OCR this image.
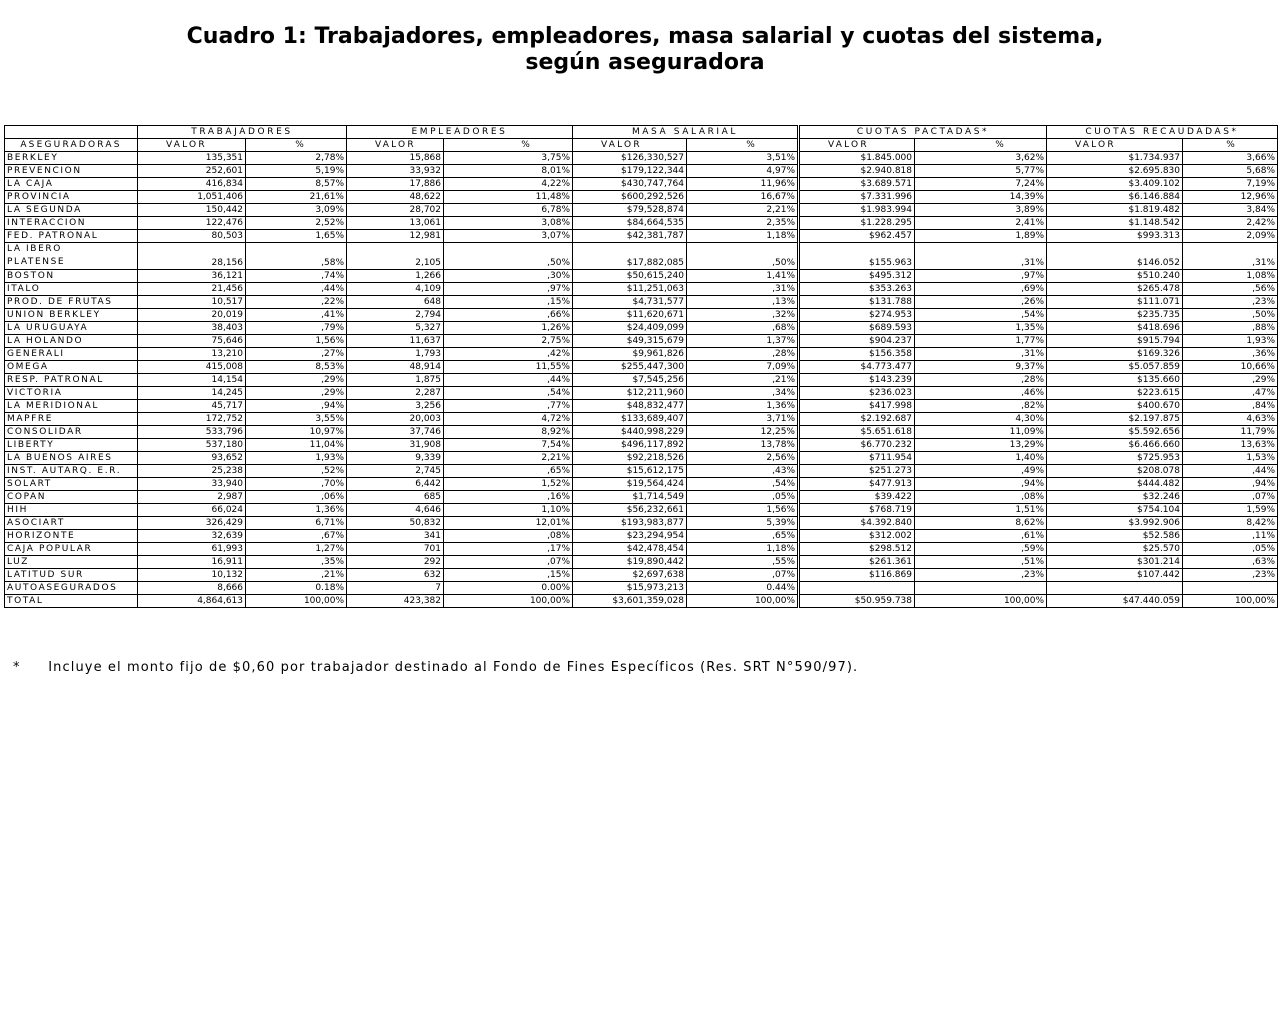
Cuadro 1: Trabajadores, empleadores, masa salarial y cuotas del sistema,
según aseguradora
	TRABAJADORES		EMPLEADORES		MASA SALARIAL			CUOTAS PACTADAS*		CUOTAS RECAUDADAS*	
ASEGURADORAS	VALOR	%	VALOR	%	VALOR	%		VALOR	%	VALOR	%
BERKLEY	135,351	2,78%	15,868	3,75%	$126,330,527	3,51%		$1.845.000	3,62%	$1.734.937	3,66%
PREVENCION	252,601	5,19%	33,932	8,01%	$179,122,344	4,97%		$2.940.818	5,77%	$2.695.830	5,68%
LA CAJA	416,834	8,57%	17,886	4,22%	$430,747,764	11,96%		$3.689.571	7,24%	$3.409.102	7,19%
PROVINCIA	1,051,406	21,61%	48,622	11,48%	$600,292,526	16,67%		$7.331.996	14,39%	$6.146.884	12,96%
LA SEGUNDA	150,442	3,09%	28,702	6,78%	$79,528,874	2,21%		$1.983.994	3,89%	$1.819.482	3,84%
INTERACCION	122,476	2,52%	13,061	3,08%	$84,664,535	2,35%		$1.228.295	2,41%	$1.148.542	2,42%
FED. PATRONAL	80,503	1,65%	12,981	3,07%	$42,381,787	1,18%		$962.457	1,89%	$993.313	2,09%

LA IBERO
PLATENSE	28,156	,58%	2,105	,50%	$17,882,085	,50%		$155.963	,31%	$146.052	,31%
BOSTON	36,121	,74%	1,266	,30%	$50,615,240	1,41%		$495.312	,97%	$510.240	1,08%
ITALO	21,456	,44%	4,109	,97%	$11,251,063	,31%		$353.263	,69%	$265.478	,56%
PROD. DE FRUTAS	10,517	,22%	648	,15%	$4,731,577	,13%		$131.788	,26%	$111.071	,23%
UNION BERKLEY	20,019	,41%	2,794	,66%	$11,620,671	,32%		$274.953	,54%	$235.735	,50%
LA URUGUAYA	38,403	,79%	5,327	1,26%	$24,409,099	,68%		$689.593	1,35%	$418.696	,88%
LA HOLANDO	75,646	1,56%	11,637	2,75%	$49,315,679	1,37%		$904.237	1,77%	$915.794	1,93%
GENERALI	13,210	,27%	1,793	,42%	$9,961,826	,28%		$156.358	,31%	$169.326	,36%
OMEGA	415,008	8,53%	48,914	11,55%	$255,447,300	7,09%		$4.773.477	9,37%	$5.057.859	10,66%
RESP. PATRONAL	14,154	,29%	1,875	,44%	$7,545,256	,21%		$143.239	,28%	$135.660	,29%
VICTORIA	14,245	,29%	2,287	,54%	$12,211,960	,34%		$236.023	,46%	$223.615	,47%
LA MERIDIONAL	45,717	,94%	3,256	,77%	$48,832,477	1,36%		$417.998	,82%	$400.670	,84%
MAPFRE	172,752	3,55%	20,003	4,72%	$133,689,407	3,71%		$2.192.687	4,30%	$2.197.875	4,63%
CONSOLIDAR	533,796	10,97%	37,746	8,92%	$440,998,229	12,25%		$5.651.618	11,09%	$5.592.656	11,79%
LIBERTY	537,180	11,04%	31,908	7,54%	$496,117,892	13,78%		$6.770.232	13,29%	$6.466.660	13,63%
LA BUENOS AIRES	93,652	1,93%	9,339	2,21%	$92,218,526	2,56%		$711.954	1,40%	$725.953	1,53%
INST. AUTARQ. E.R.	25,238	,52%	2,745	,65%	$15,612,175	,43%		$251.273	,49%	$208.078	,44%
SOLART	33,940	,70%	6,442	1,52%	$19,564,424	,54%		$477.913	,94%	$444.482	,94%
COPAN	2,987	,06%	685	,16%	$1,714,549	,05%		$39.422	,08%	$32.246	,07%
HIH	66,024	1,36%	4,646	1,10%	$56,232,661	1,56%		$768.719	1,51%	$754.104	1,59%
ASOCIART	326,429	6,71%	50,832	12,01%	$193,983,877	5,39%		$4.392.840	8,62%	$3.992.906	8,42%
HORIZONTE	32,639	,67%	341	,08%	$23,294,954	,65%		$312.002	,61%	$52.586	,11%
CAJA POPULAR	61,993	1,27%	701	,17%	$42,478,454	1,18%		$298.512	,59%	$25.570	,05%
LUZ	16,911	,35%	292	,07%	$19,890,442	,55%		$261.361	,51%	$301.214	,63%
LATITUD SUR	10,132	,21%	632	,15%	$2,697,638	,07%		$116.869	,23%	$107.442	,23%
AUTOASEGURADOS	8,666	0.18%	7	0.00%	$15,973,213	0.44%					
TOTAL	4,864,613	100,00%	423,382	100,00%	$3,601,359,028	100,00%		$50.959.738	100,00%	$47.440.059	100,00%
* Incluye el monto fijo de $0,60 por trabajador destinado al Fondo de Fines Específicos (Res. SRT N°590/97).
